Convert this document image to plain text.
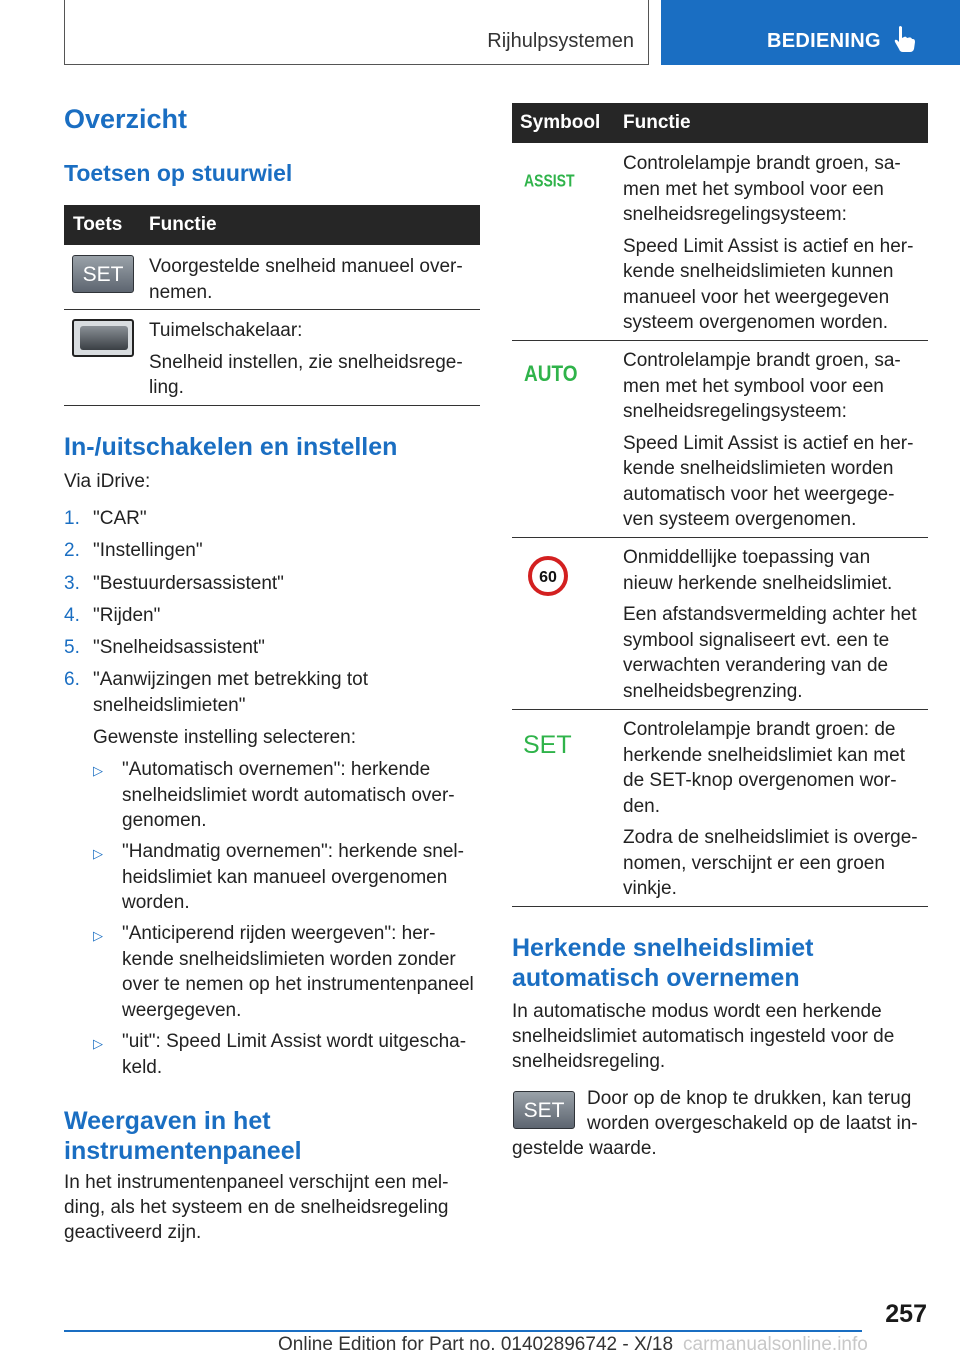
Rijhulpsystemen	BEDIENING
Overzicht
Toetsen op stuurwiel
Toets Functie
SET	Voorgestelde snelheid manueel over-
nemen.

Tuimelschakelaar:

Snelheid instellen, zie snelheidsrege-
ling.

In-/uitschakelen en instellen
Via iDrive:
1. "CAR"
2. "Instellingen"
3. "Bestuurdersassistent"
4. "Rijden"
5. "Snelheidsassistent"
6. "Aanwijzingen met betrekking tot
snelheidslimieten"
Gewenste instelling selecteren:
▷ "Automatisch overnemen": herkende
snelheidslimiet wordt automatisch over-
genomen.
▷ "Handmatig overnemen": herkende snel-
heidslimiet kan manueel overgenomen
worden.
▷ "Anticiperend rijden weergeven": her-
kende snelheidslimieten worden zonder
over te nemen op het instrumentenpaneel
weergegeven.
▷ "uit": Speed Limit Assist wordt uitgescha-
keld.
Weergaven in het
instrumentenpaneel
In het instrumentenpaneel verschijnt een mel-
ding, als het systeem en de snelheidsregeling
geactiveerd zijn.
Symbool Functie
ASSIST

Controlelampje brandt groen, sa-
men met het symbool voor een
snelheidsregelingsysteem:

Speed Limit Assist is actief en her-
kende snelheidslimieten kunnen
manueel voor het weergegeven
systeem overgenomen worden.

AUTO

Controlelampje brandt groen, sa-
men met het symbool voor een
snelheidsregelingsysteem:

Speed Limit Assist is actief en her-
kende snelheidslimieten worden
automatisch voor het weergege-
ven systeem overgenomen.

60

Onmiddellijke toepassing van
nieuw herkende snelheidslimiet.

Een afstandsvermelding achter het
symbool signaliseert evt. een te
verwachten verandering van de
snelheidsbegrenzing.

SET

Controlelampje brandt groen: de
herkende snelheidslimiet kan met
de SET-knop overgenomen wor-
den.

Zodra de snelheidslimiet is overge-
nomen, verschijnt er een groen
vinkje.

Herkende snelheidslimiet
automatisch overnemen
In automatische modus wordt een herkende
snelheidslimiet automatisch ingesteld voor de
snelheidsregeling.
SET
Door op de knop te drukken, kan terug
worden overgeschakeld op de laatst in-
gestelde waarde.
257
Online Edition for Part no. 01402896742 - X/18 carmanualsonline.info
